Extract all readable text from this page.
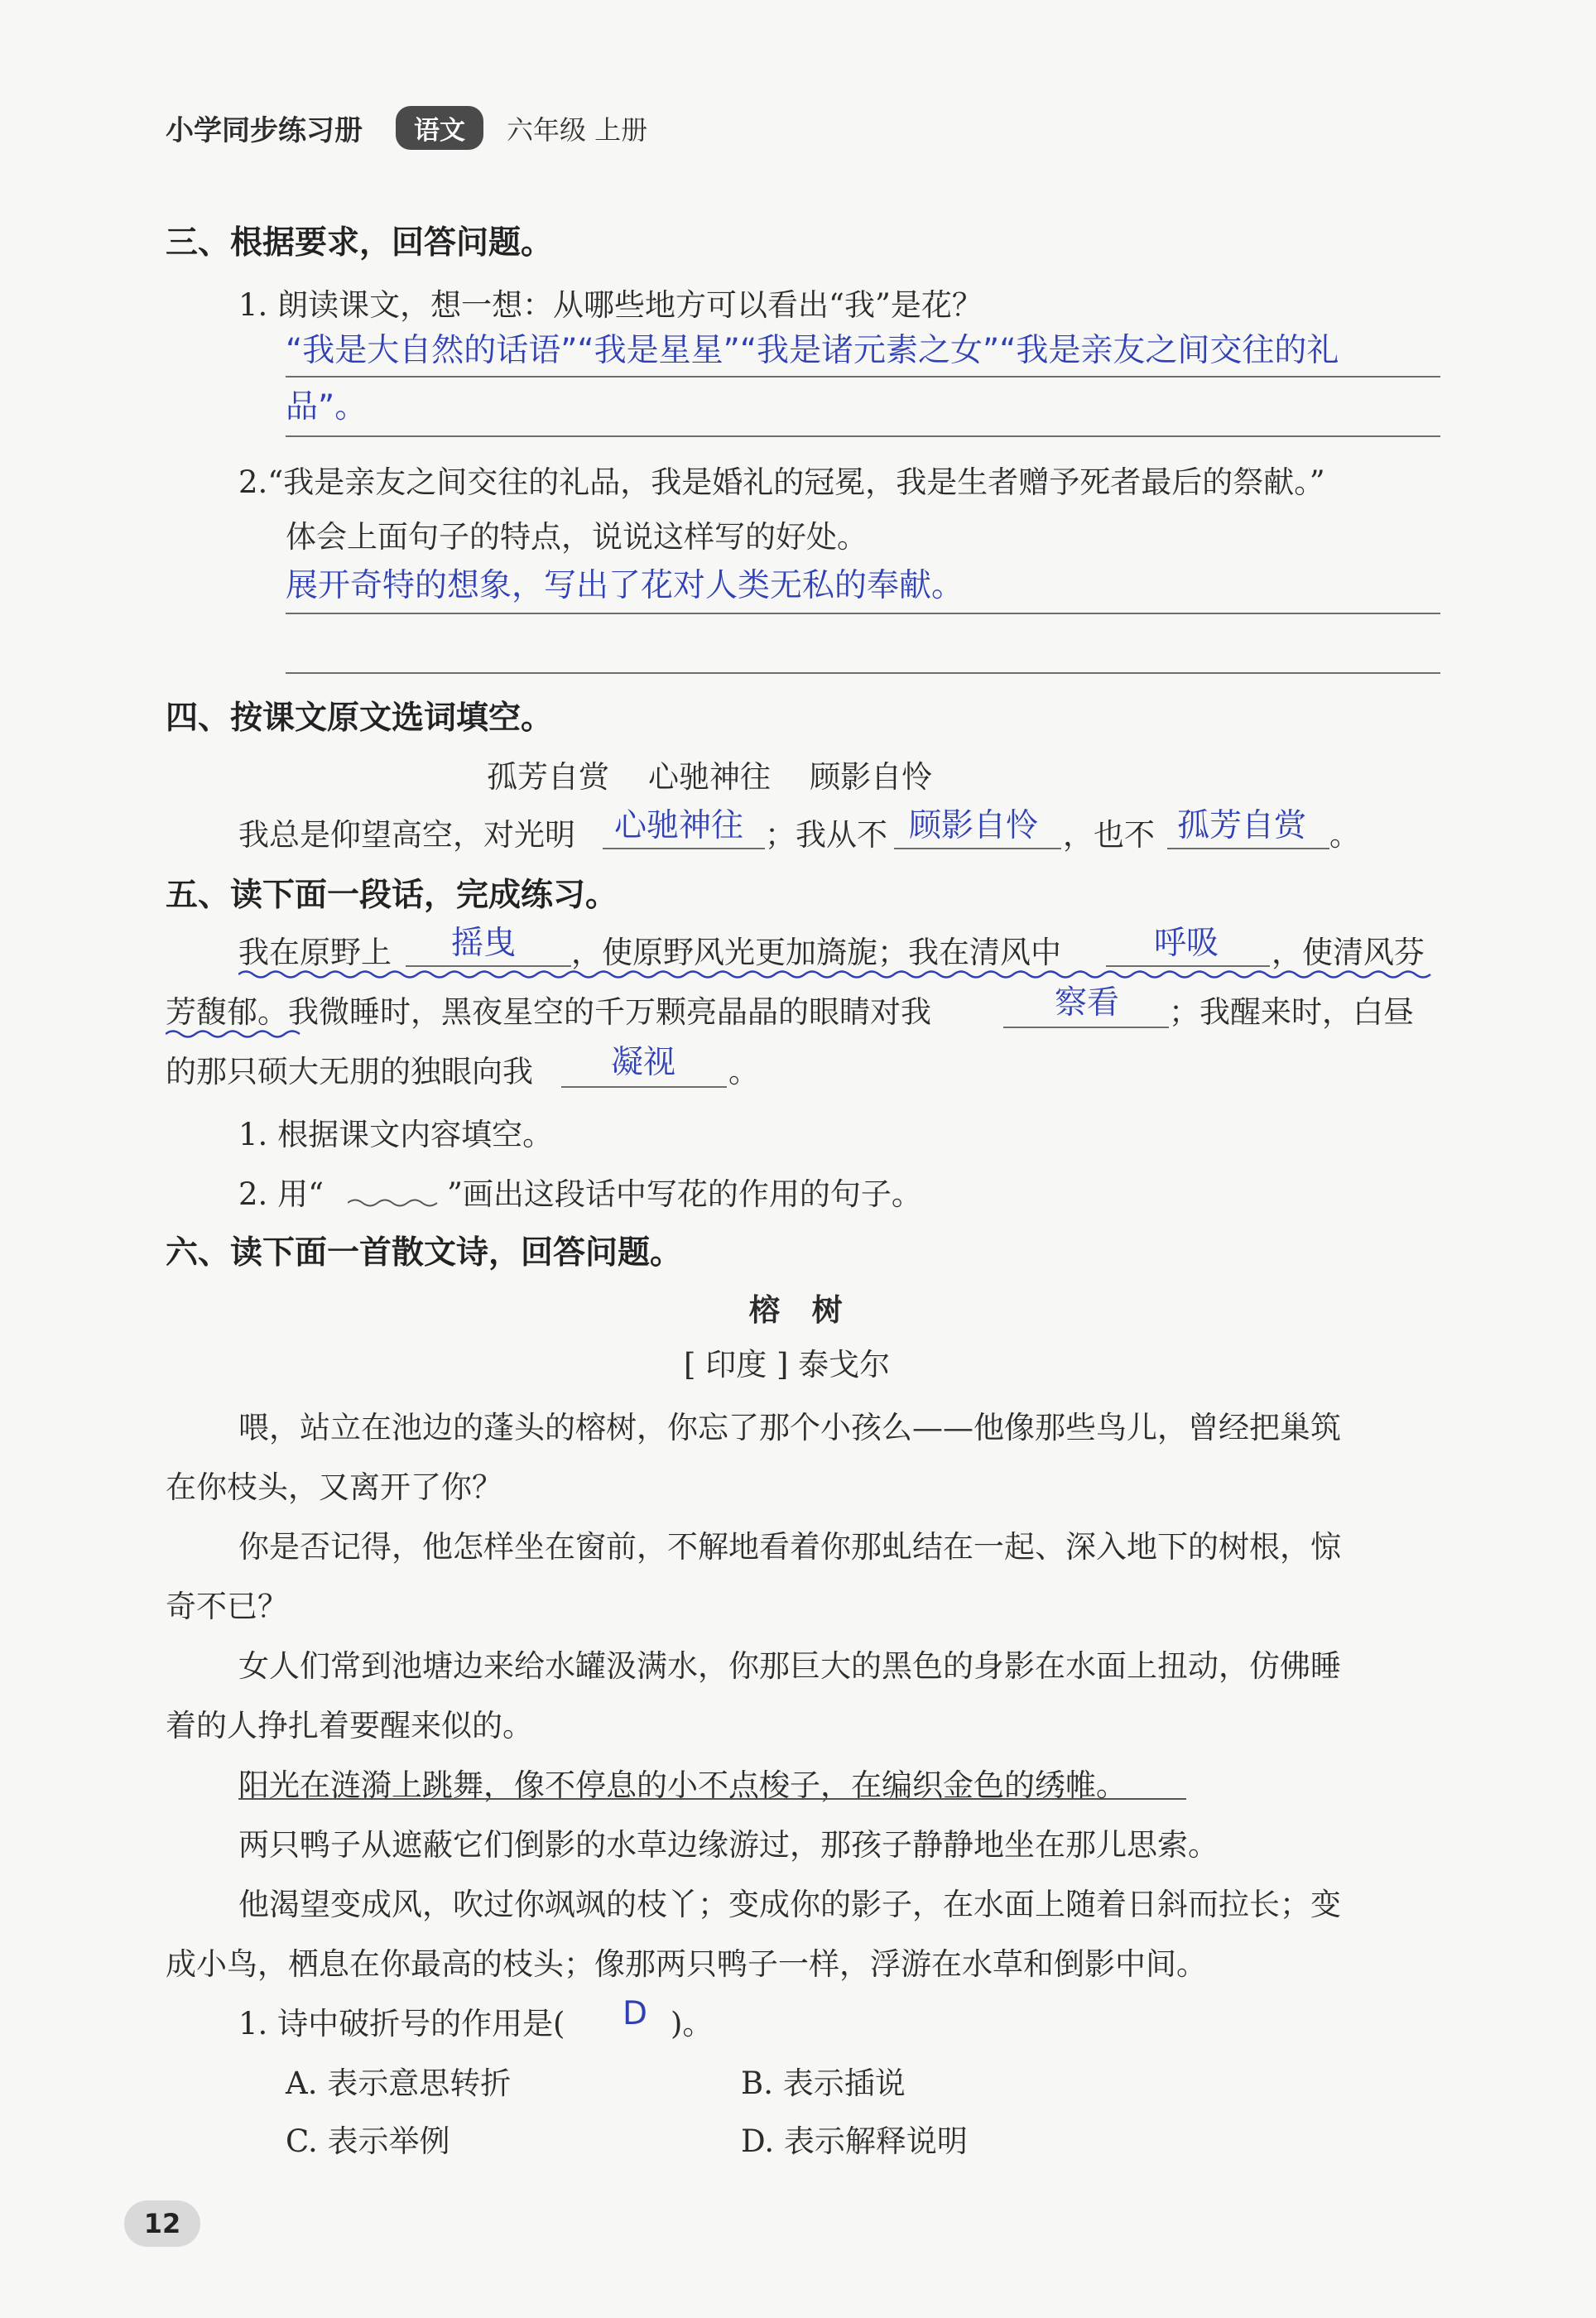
小学同步练习册	语文	六年级 上册
三、根据要求，回答问题。
1. 朗读课文，想一想：从哪些地方可以看出“我”是花？
“我是大自然的话语”“我是星星”“我是诸元素之女”“我是亲友之间交往的礼
品”。
2.“我是亲友之间交往的礼品，我是婚礼的冠冕，我是生者赠予死者最后的祭献。”
体会上面句子的特点，说说这样写的好处。
展开奇特的想象，写出了花对人类无私的奉献。
四、按课文原文选词填空。
孤芳自赏    心驰神往    顾影自怜
我总是仰望高空，对光明 心驰神往 ；我从不 顾影自怜 ，也不 孤芳自赏 。
五、读下面一段话，完成练习。
我在原野上 摇曳 ，使原野风光更加旖旎；我在清风中	呼吸 ，使清风芬
芳馥郁。我微睡时，黑夜星空的千万颗亮晶晶的眼睛对我	察看 ；我醒来时，白昼
的那只硕大无朋的独眼向我 凝视 。
1. 根据课文内容填空。
2. 用“	”画出这段话中写花的作用的句子。
六、读下面一首散文诗，回答问题。
榕   树
[ 印度 ] 泰戈尔
喂，站立在池边的蓬头的榕树，你忘了那个小孩么——他像那些鸟儿，曾经把巢筑
在你枝头，又离开了你？
你是否记得，他怎样坐在窗前，不解地看着你那虬结在一起、深入地下的树根，惊
奇不已？
女人们常到池塘边来给水罐汲满水，你那巨大的黑色的身影在水面上扭动，仿佛睡
着的人挣扎着要醒来似的。
阳光在涟漪上跳舞，像不停息的小不点梭子，在编织金色的绣帷。
两只鸭子从遮蔽它们倒影的水草边缘游过，那孩子静静地坐在那儿思索。
他渴望变成风，吹过你飒飒的枝丫；变成你的影子，在水面上随着日斜而拉长；变
成小鸟，栖息在你最高的枝头；像那两只鸭子一样，浮游在水草和倒影中间。
1. 诗中破折号的作用是( D )。
A. 表示意思转折	B. 表示插说
C. 表示举例	D. 表示解释说明
12
